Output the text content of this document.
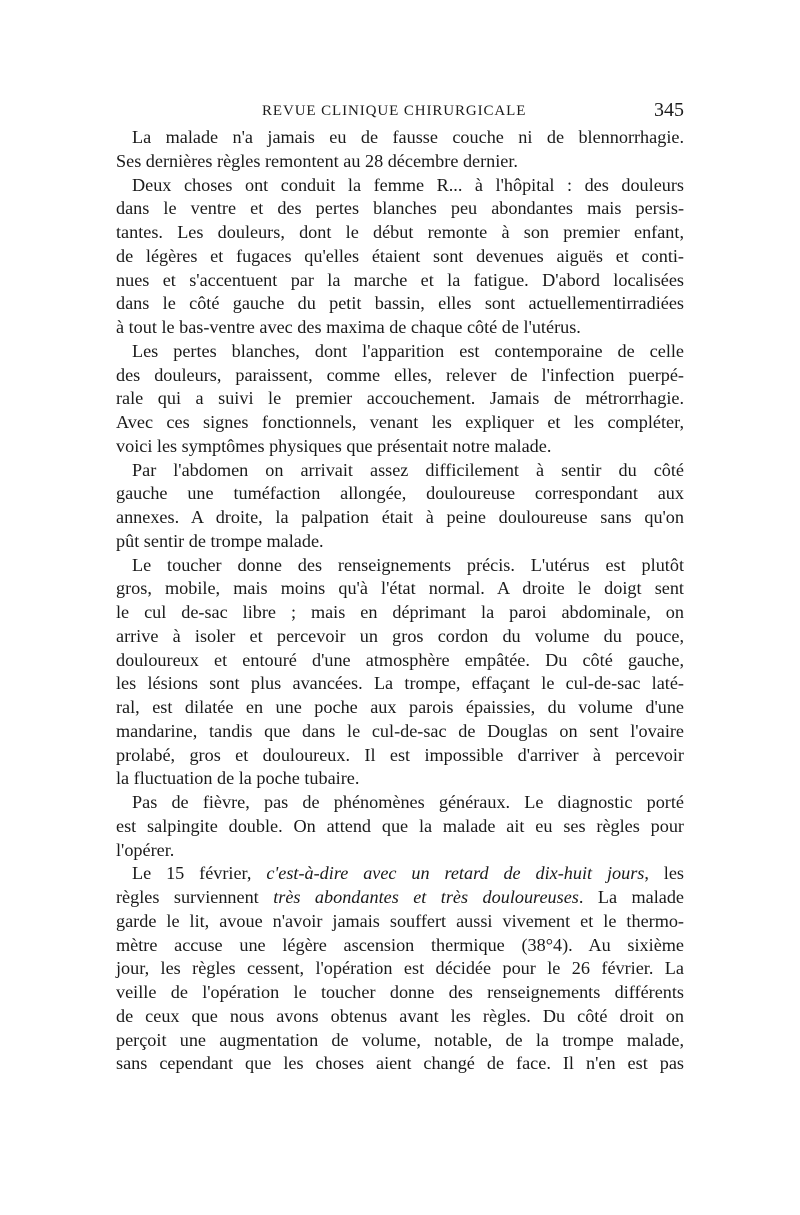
REVUE CLINIQUE CHIRURGICALE	345
La malade n'a jamais eu de fausse couche ni de blennorrhagie.
Ses dernières règles remontent au 28 décembre dernier.
Deux choses ont conduit la femme R... à l'hôpital : des douleurs
dans le ventre et des pertes blanches peu abondantes mais persis-
tantes. Les douleurs, dont le début remonte à son premier enfant,
de légères et fugaces qu'elles étaient sont devenues aiguës et conti-
nues et s'accentuent par la marche et la fatigue. D'abord localisées
dans le côté gauche du petit bassin, elles sont actuellementirradiées
à tout le bas-ventre avec des maxima de chaque côté de l'utérus.
Les pertes blanches, dont l'apparition est contemporaine de celle
des douleurs, paraissent, comme elles, relever de l'infection puerpé-
rale qui a suivi le premier accouchement. Jamais de métrorrhagie.
Avec ces signes fonctionnels, venant les expliquer et les compléter,
voici les symptômes physiques que présentait notre malade.
Par l'abdomen on arrivait assez difficilement à sentir du côté
gauche une tuméfaction allongée, douloureuse correspondant aux
annexes. A droite, la palpation était à peine douloureuse sans qu'on
pût sentir de trompe malade.
Le toucher donne des renseignements précis. L'utérus est plutôt
gros, mobile, mais moins qu'à l'état normal. A droite le doigt sent
le cul de-sac libre ; mais en déprimant la paroi abdominale, on
arrive à isoler et percevoir un gros cordon du volume du pouce,
douloureux et entouré d'une atmosphère empâtée. Du côté gauche,
les lésions sont plus avancées. La trompe, effaçant le cul-de-sac laté-
ral, est dilatée en une poche aux parois épaissies, du volume d'une
mandarine, tandis que dans le cul-de-sac de Douglas on sent l'ovaire
prolabé, gros et douloureux. Il est impossible d'arriver à percevoir
la fluctuation de la poche tubaire.
Pas de fièvre, pas de phénomènes généraux. Le diagnostic porté
est salpingite double. On attend que la malade ait eu ses règles pour
l'opérer.
Le 15 février, c'est-à-dire avec un retard de dix-huit jours, les
règles surviennent très abondantes et très douloureuses. La malade
garde le lit, avoue n'avoir jamais souffert aussi vivement et le thermo-
mètre accuse une légère ascension thermique (38°4). Au sixième
jour, les règles cessent, l'opération est décidée pour le 26 février. La
veille de l'opération le toucher donne des renseignements différents
de ceux que nous avons obtenus avant les règles. Du côté droit on
perçoit une augmentation de volume, notable, de la trompe malade,
sans cependant que les choses aient changé de face. Il n'en est pas
